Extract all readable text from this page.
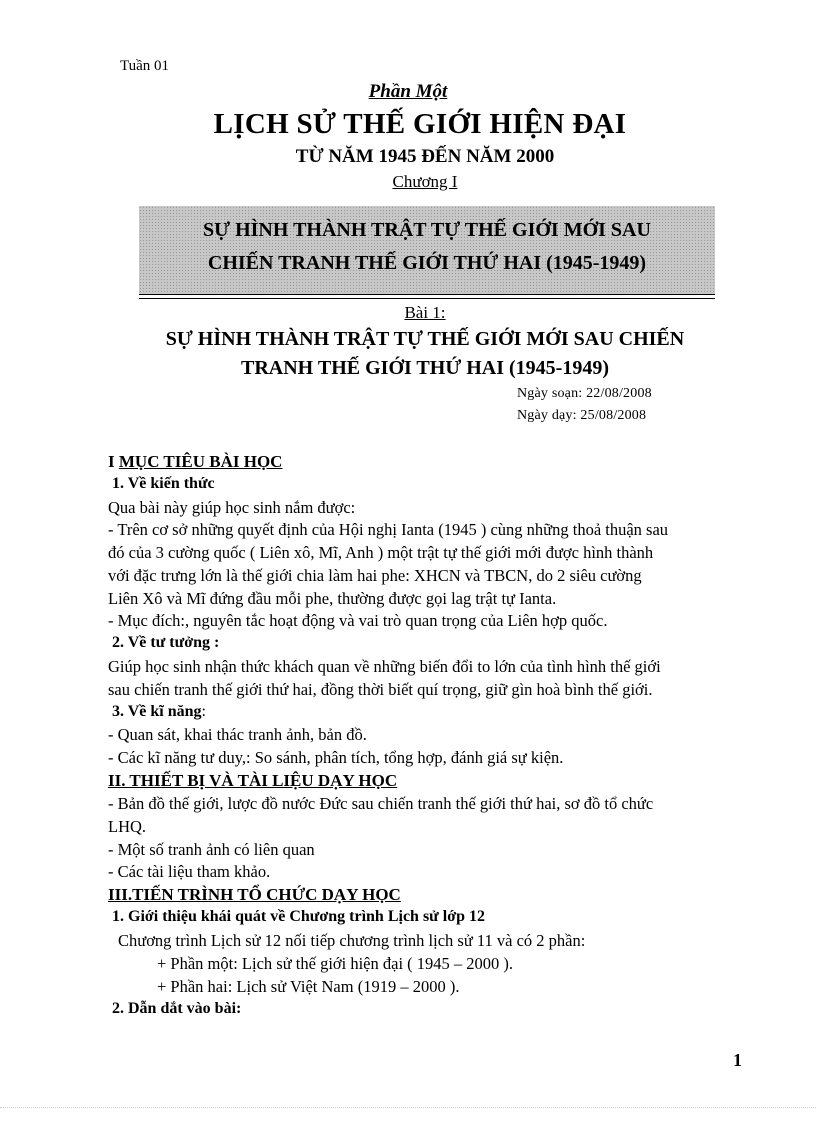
Tuần 01
Phần Một
LỊCH SỬ THẾ GIỚI HIỆN ĐẠI
TỪ NĂM 1945 ĐẾN NĂM 2000
Chương I
SỰ HÌNH THÀNH TRẬT TỰ THẾ GIỚI MỚI SAU
CHIẾN TRANH THẾ GIỚI THỨ HAI (1945-1949)
Bài 1:
SỰ HÌNH THÀNH TRẬT TỰ THẾ GIỚI MỚI SAU CHIẾN
TRANH THẾ GIỚI THỨ HAI (1945-1949)
Ngày soạn: 22/08/2008
Ngày dạy: 25/08/2008
I MỤC TIÊU BÀI HỌC
1. Về kiến thức
Qua bài này giúp học sinh nắm được:
- Trên cơ sở những quyết định của Hội nghị Ianta (1945 ) cùng những thoả thuận sau
đó của 3 cường quốc ( Liên xô, Mĩ, Anh ) một trật tự thế giới mới được hình thành
với đặc trưng lớn là thế giới chia làm hai phe: XHCN và TBCN, do 2 siêu cường
Liên Xô và Mĩ đứng đầu mỗi phe, thường được gọi lag trật tự Ianta.
- Mục đích:, nguyên tắc hoạt động và vai trò quan trọng của Liên hợp quốc.
2. Về tư tưởng :
Giúp học sinh nhận thức khách quan về những biến đổi to lớn của tình hình thế giới
sau chiến tranh thế giới thứ hai, đồng thời biết quí trọng, giữ gìn hoà bình thế giới.
3. Về kĩ năng:
- Quan sát, khai thác tranh ảnh, bản đồ.
- Các kĩ năng tư duy,: So sánh, phân tích, tổng hợp, đánh giá sự kiện.
II. THIẾT BỊ VÀ TÀI LIỆU DẠY HỌC
- Bản đồ thế giới, lược đồ nước Đức sau chiến tranh thế giới thứ hai, sơ đồ tổ chức
LHQ.
- Một số tranh ảnh có liên quan
- Các tài liệu tham khảo.
III.TIẾN TRÌNH TỔ CHỨC DẠY HỌC
1. Giới thiệu khái quát về Chương trình Lịch sử lớp 12
Chương trình Lịch sử 12 nối tiếp chương trình lịch sử 11 và có 2 phần:
+ Phần một: Lịch sử thế giới hiện đại ( 1945 – 2000 ).
+ Phần hai: Lịch sử Việt Nam (1919 – 2000 ).
2. Dẫn dắt vào bài:
1
